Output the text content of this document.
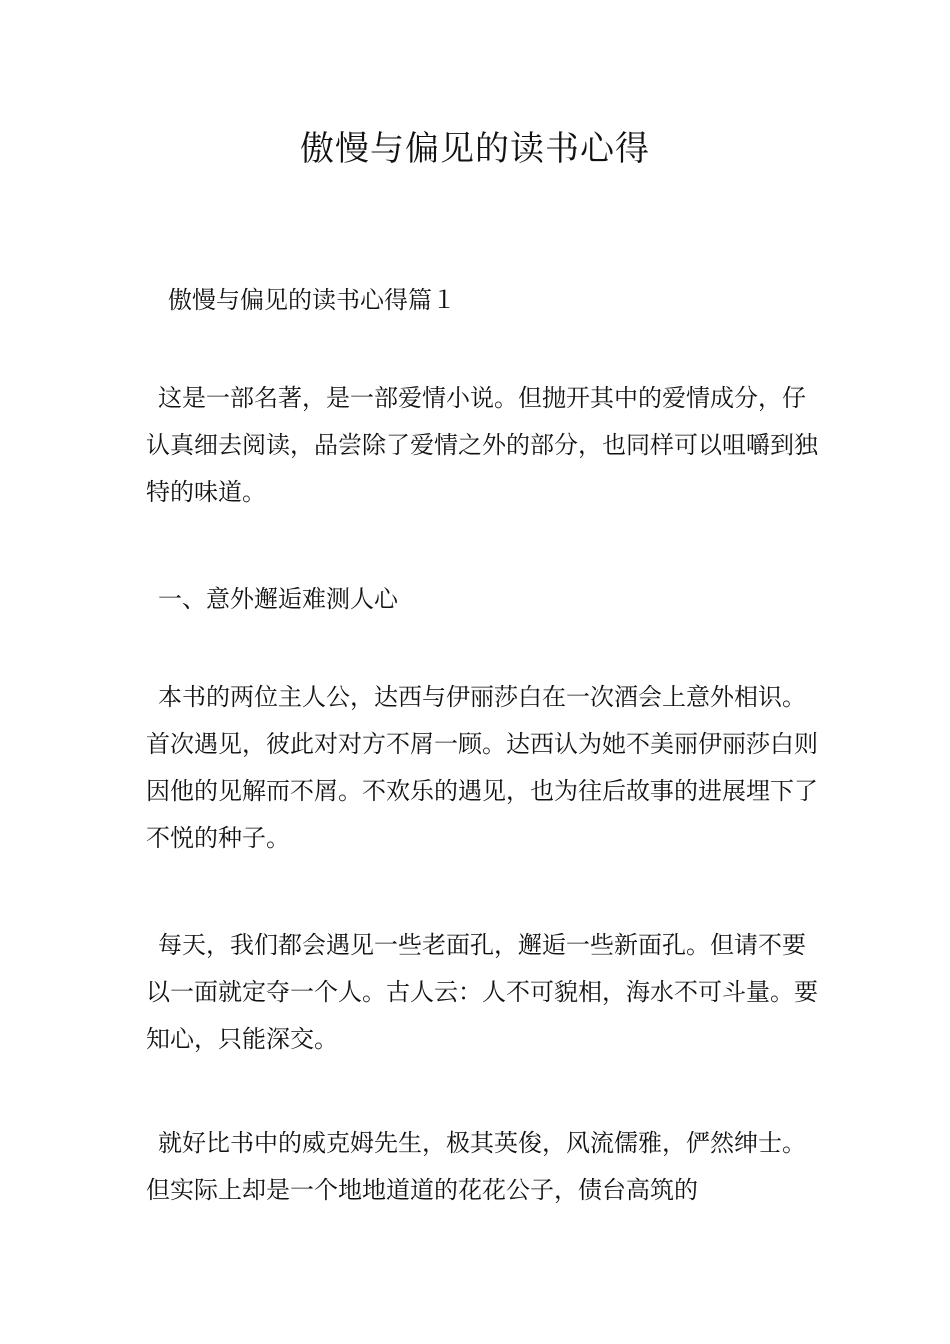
傲慢与偏见的读书心得
傲慢与偏见的读书心得篇１

这是一部名著，是一部爱情小说。但抛开其中的爱情成分，仔认真细去阅读，品尝除了爱情之外的部分，也同样可以咀嚼到独特的味道。

一、意外邂逅难测人心

本书的两位主人公，达西与伊丽莎白在一次酒会上意外相识。首次遇见，彼此对对方不屑一顾。达西认为她不美丽伊丽莎白则因他的见解而不屑。不欢乐的遇见，也为往后故事的进展埋下了不悦的种子。

每天，我们都会遇见一些老面孔，邂逅一些新面孔。但请不要以一面就定夺一个人。古人云：人不可貌相，海水不可斗量。要知心，只能深交。

就好比书中的威克姆先生，极其英俊，风流儒雅，俨然绅士。但实际上却是一个地地道道的花花公子，债台高筑的
